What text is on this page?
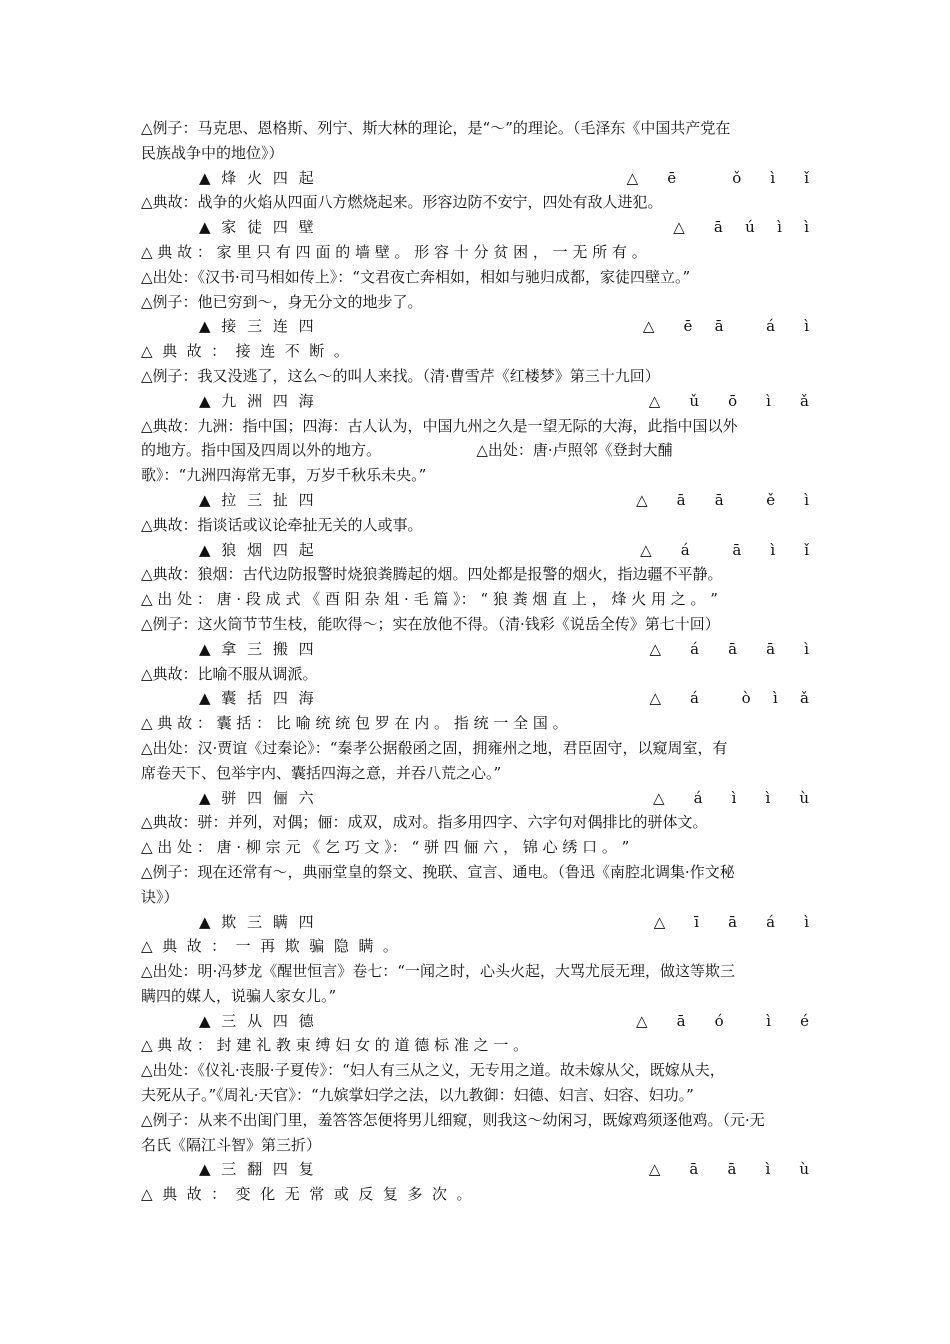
△例子：马克思、恩格斯、列宁、斯大林的理论，是“～”的理论。（毛泽东《中国共产党在
民族战争中的地位》）
▲ 烽 火 四 起	△    ē        ǒ    ì    ǐ
△典故：战争的火焰从四面八方燃烧起来。形容边防不安宁，四处有敌人进犯。
▲ 家 徒 四 壁	△    ā   ú   ì   ì
△ 典 故 ： 家 里 只 有 四 面 的 墙 壁 。 形 容 十 分 贫 困 ， 一 无 所 有 。
△出处：《汉书·司马相如传上》：“文君夜亡奔相如，相如与驰归成都，家徒四壁立。”
△例子：他已穷到～，身无分文的地步了。
▲ 接 三 连 四	△    ē   ā      á    ì
△  典  故  ：  接  连  不  断  。
△例子：我又没逃了，这么～的叫人来找。（清·曹雪芹《红楼梦》第三十九回）
▲ 九 洲 四 海	△    ǔ    ō    ì    ǎ
△典故：九洲：指中国；四海：古人认为，中国九州之久是一望无际的大海，此指中国以外
的地方。指中国及四周以外的地方。                    △出处：唐·卢照邻《登封大酺
歌》：“九洲四海常无事，万岁千秋乐未央。”
▲ 拉 三 扯 四	△    ā    ā      ě    ì
△典故：指谈话或议论牵扯无关的人或事。
▲ 狼 烟 四 起	△    á      ā    ì    ǐ
△典故：狼烟：古代边防报警时烧狼粪腾起的烟。四处都是报警的烟火，指边疆不平静。
△ 出 处 ： 唐 · 段 成 式 《 酉 阳 杂 俎 · 毛 篇 》： “ 狼 粪 烟 直 上 ， 烽 火 用 之 。 ”
△例子：这火筒节节生枝，能吹得～；实在放他不得。（清·钱彩《说岳全传》第七十回）
▲ 拿 三 搬 四	△    á    ā    ā    ì
△典故：比喻不服从调派。
▲ 囊 括 四 海	△    á      ò   ì   ǎ
△ 典 故 ： 囊 括 ： 比 喻 统 统 包 罗 在 内 。 指 统 一 全 国 。
△出处：汉·贾谊《过秦论》：“秦孝公据殽函之固，拥雍州之地，君臣固守，以窥周室，有
席卷天下、包举宇内、囊括四海之意，并吞八荒之心。”
▲ 骈 四 俪 六	△    á    ì    ì    ù
△典故：骈：并列，对偶；俪：成双，成对。指多用四字、六字句对偶排比的骈体文。
△ 出 处 ： 唐 · 柳 宗 元 《 乞 巧 文 》： “ 骈 四 俪 六 ， 锦 心 绣 口 。 ”
△例子：现在还常有～，典丽堂皇的祭文、挽联、宣言、通电。（鲁迅《南腔北调集·作文秘
诀》）
▲ 欺 三 瞒 四	△    ī    ā    á    ì
△  典  故  ：  一  再  欺  骗  隐  瞒  。
△出处：明·冯梦龙《醒世恒言》卷七：“一闻之时，心头火起，大骂尤辰无理，做这等欺三
瞒四的媒人，说骗人家女儿。”
▲ 三 从 四 德	△    ā    ó      ì    é
△ 典 故 ： 封 建 礼 教 束 缚 妇 女 的 道 德 标 准 之 一 。
△出处：《仪礼·丧服·子夏传》：“妇人有三从之义，无专用之道。故未嫁从父，既嫁从夫，
夫死从子。”《周礼·天官》：“九嫔掌妇学之法，以九教御：妇德、妇言、妇容、妇功。”
△例子：从来不出闺门里，羞答答怎便将男儿细窥，则我这～幼闲习，既嫁鸡须逐他鸡。（元·无
名氏《隔江斗智》第三折）
▲ 三 翻 四 复	△    ā    ā    ì    ù
△  典  故  ：  变  化  无  常  或  反  复  多  次  。
